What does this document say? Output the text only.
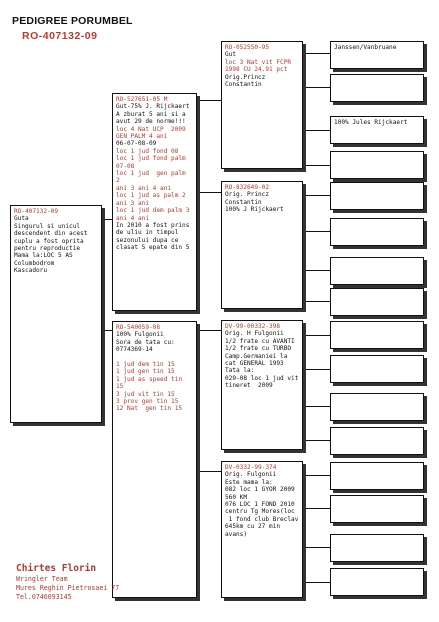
PEDIGREE PORUMBEL
RO-407132-09
RO-407132-09
Guta
Singurul si unicul
descendent din acest
cuplu a fost oprita
pentru reproductie
Mama la:LOC 5 AS
Columbodrom
Kascadoru
RO-527651-05 M
Gut-75% J. Rijckaert
A zburat 5 ani si a
avut 29 de norme!!!
loc 4 Nat UCP  2009
GEN PALM 4 ani
06-07-08-09
loc 1 jud fond 08
loc 1 jud fond palm
07-08
loc 1 jud  gen palm 2
ani 3 ani 4 ani
loc 1 jud as palm 2
ani 3 ani
loc 1 jud dem palm 3
ani 4 ani
In 2010 a fost prins
de uliu in timpul
sezonului dupa ce
clasat 5 epate din 5
RO-540059-08
100% Fulgonii
Sora de tata cu:
0774369-14

1 jud dem tin 15
1 jud gen tin 15
1 jud as speed tin
15
3 jud vit tin 15
3 prov gen tin 15
12 Nat  gen tin 15
RO-052550-95
Gut
loc 3 Nat vit FCPR
1998 CU 24.91 pct
Orig.Princz
Constantin
RO-832649-02
Orig. Princz
Constantin
100% J Rijckaert
DV-99-00332-398
Orig. H Fulgonii
1/2 frate cu AVANTI
1/2 frate cu TURBO
Camp.Germaniei la
cat GENERAL 1993
Tata la:
029-08 loc 1 jud vit
tineret  2009
DV-0332-99-374
Orig. Fulgonii
Este mama la:
082 loc 1 GYOR 2009
560 KM
076 LOC 1 FOND 2010
centru Tg Mores(loc
1 fond club Breclav
645km cu 27 min
avans)
Janssen/Vanbruane
100% Jules Rijckaert
Chirtes Florin
Wringler Team
Mures Reghin Pietrosaei 77
Tel.0746093145
